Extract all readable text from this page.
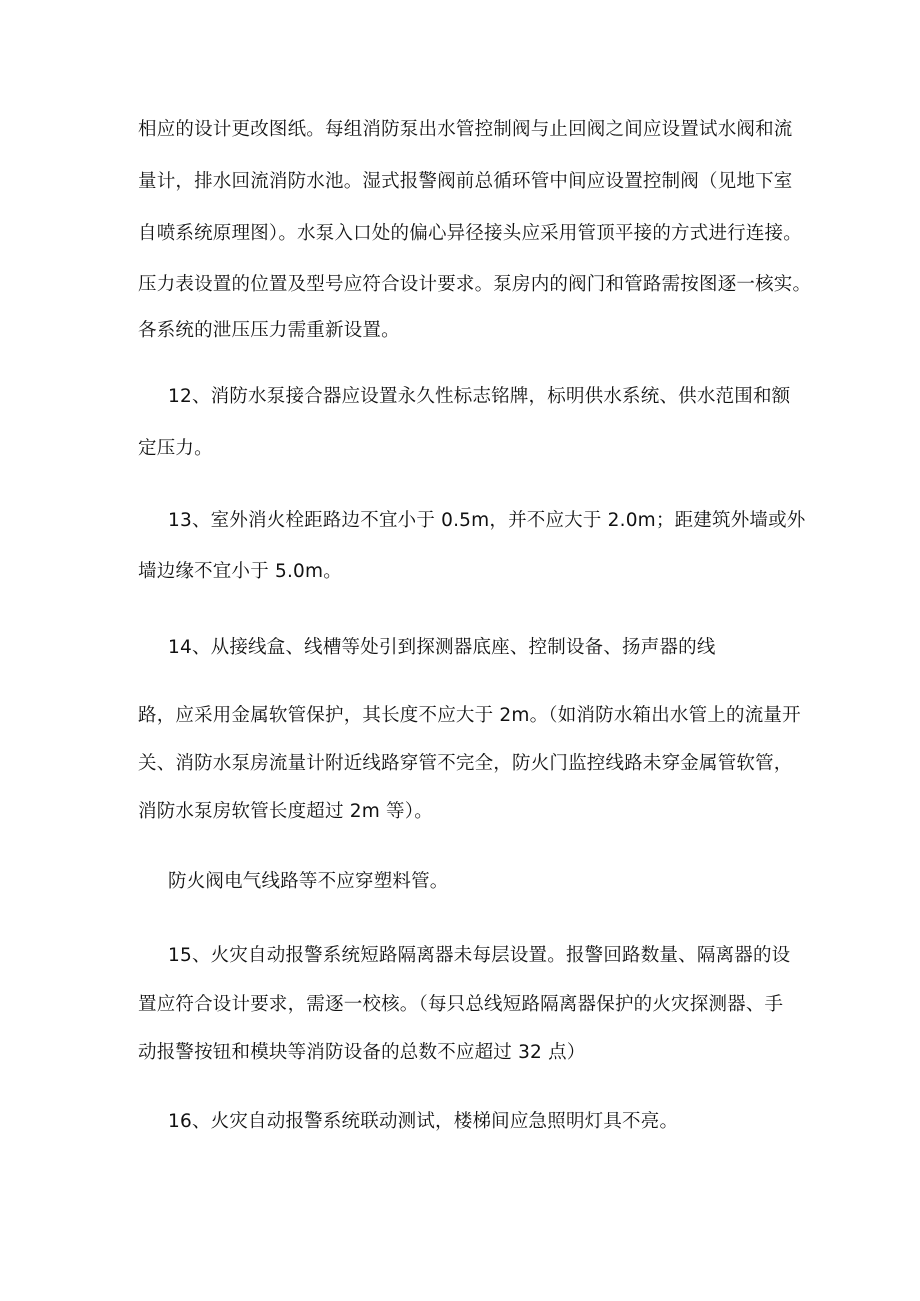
相应的设计更改图纸。每组消防泵出水管控制阀与止回阀之间应设置试水阀和流
量计，排水回流消防水池。湿式报警阀前总循环管中间应设置控制阀（见地下室
自喷系统原理图）。水泵入口处的偏心异径接头应采用管顶平接的方式进行连接。
压力表设置的位置及型号应符合设计要求。泵房内的阀门和管路需按图逐一核实。
各系统的泄压压力需重新设置。
12、消防水泵接合器应设置永久性标志铭牌，标明供水系统、供水范围和额
定压力。
13、室外消火栓距路边不宜小于 0.5m，并不应大于 2.0m；距建筑外墙或外
墙边缘不宜小于 5.0m。
14、从接线盒、线槽等处引到探测器底座、控制设备、扬声器的线
路，应采用金属软管保护，其长度不应大于 2m。（如消防水箱出水管上的流量开
关、消防水泵房流量计附近线路穿管不完全，防火门监控线路未穿金属管软管，
消防水泵房软管长度超过 2m 等）。
防火阀电气线路等不应穿塑料管。
15、火灾自动报警系统短路隔离器未每层设置。报警回路数量、隔离器的设
置应符合设计要求，需逐一校核。（每只总线短路隔离器保护的火灾探测器、手
动报警按钮和模块等消防设备的总数不应超过 32 点）
16、火灾自动报警系统联动测试，楼梯间应急照明灯具不亮。
